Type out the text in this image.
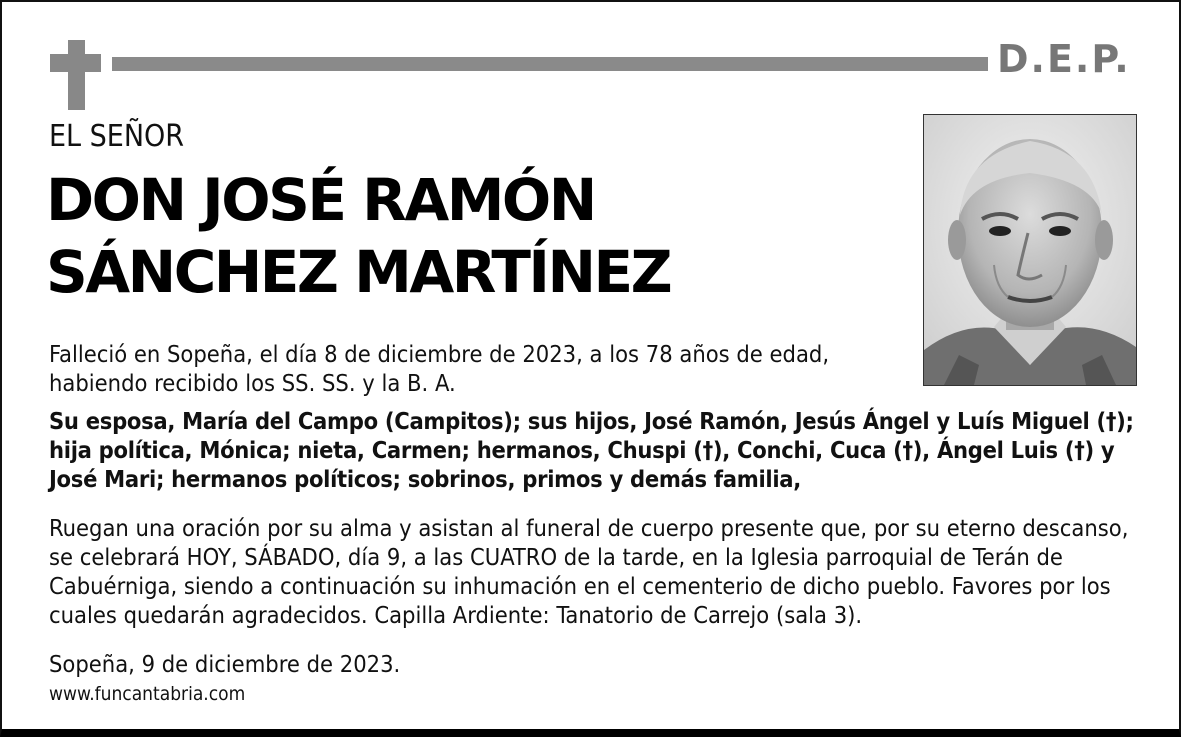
D.E.P.
EL SEÑOR
DON JOSÉ RAMÓN
SÁNCHEZ MARTÍNEZ
Falleció en Sopeña, el día 8 de diciembre de 2023, a los 78 años de edad, habiendo recibido los SS. SS. y la B. A.
Su esposa, María del Campo (Campitos); sus hijos, José Ramón, Jesús Ángel y Luís Miguel (†); hija política, Mónica; nieta, Carmen; hermanos, Chuspi (†), Conchi, Cuca (†), Ángel Luis (†) y José Mari; hermanos políticos; sobrinos, primos y demás familia,
Ruegan una oración por su alma y asistan al funeral de cuerpo presente que, por su eterno descanso, se celebrará HOY, SÁBADO, día 9, a las CUATRO de la tarde, en la Iglesia parroquial de Terán de Cabuérniga, siendo a continuación su inhumación en el cementerio de dicho pueblo. Favores por los cuales quedarán agradecidos. Capilla Ardiente: Tanatorio de Carrejo (sala 3).
Sopeña, 9 de diciembre de 2023.
www.funcantabria.com
